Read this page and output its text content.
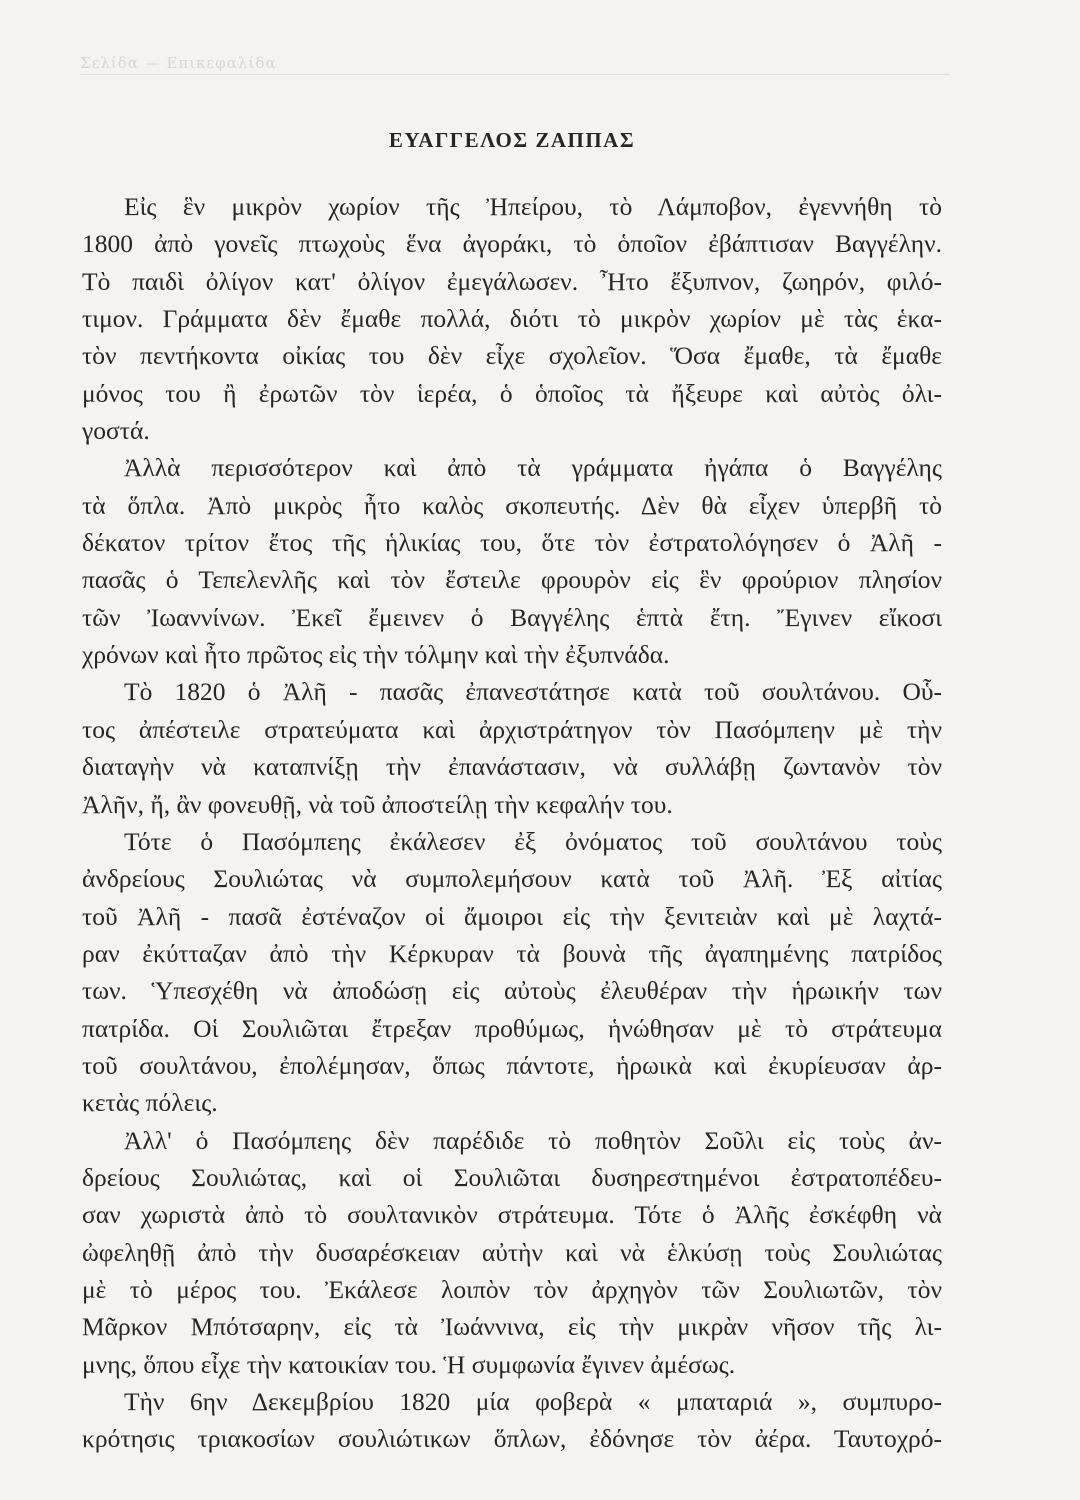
Σελίδα — Επικεφαλίδα
ΕΥΑΓΓΕΛΟΣ ΖΑΠΠΑΣ
Εἰς ἓν μικρὸν χωρίον τῆς Ἠπείρου, τὸ Λάμποβον, ἐγεννήθη τὸ
1800 ἀπὸ γονεῖς πτωχοὺς ἕνα ἀγοράκι, τὸ ὁποῖον ἐβάπτισαν Βαγγέλην.
Τὸ παιδὶ ὀλίγον κατ' ὀλίγον ἐμεγάλωσεν. Ἦτο ἔξυπνον, ζωηρόν, φιλό-
τιμον. Γράμματα δὲν ἔμαθε πολλά, διότι τὸ μικρὸν χωρίον μὲ τὰς ἑκα-
τὸν πεντήκοντα οἰκίας του δὲν εἶχε σχολεῖον. Ὅσα ἔμαθε, τὰ ἔμαθε
μόνος του ἢ ἐρωτῶν τὸν ἱερέα, ὁ ὁποῖος τὰ ἤξευρε καὶ αὐτὸς ὀλι-
γοστά.
Ἀλλὰ περισσότερον καὶ ἀπὸ τὰ γράμματα ἠγάπα ὁ Βαγγέλης
τὰ ὅπλα. Ἀπὸ μικρὸς ἦτο καλὸς σκοπευτής. Δὲν θὰ εἶχεν ὑπερβῆ τὸ
δέκατον τρίτον ἔτος τῆς ἡλικίας του, ὅτε τὸν ἐστρατολόγησεν ὁ Ἀλῆ -
πασᾶς ὁ Τεπελενλῆς καὶ τὸν ἔστειλε φρουρὸν εἰς ἓν φρούριον πλησίον
τῶν Ἰωαννίνων. Ἐκεῖ ἔμεινεν ὁ Βαγγέλης ἑπτὰ ἔτη. Ἔγινεν εἴκοσι
χρόνων καὶ ἦτο πρῶτος εἰς τὴν τόλμην καὶ τὴν ἐξυπνάδα.
Τὸ 1820 ὁ Ἀλῆ - πασᾶς ἐπανεστάτησε κατὰ τοῦ σουλτάνου. Οὗ-
τος ἀπέστειλε στρατεύματα καὶ ἀρχιστράτηγον τὸν Πασόμπεην μὲ τὴν
διαταγὴν νὰ καταπνίξῃ τὴν ἐπανάστασιν, νὰ συλλάβῃ ζωντανὸν τὸν
Ἀλῆν, ἤ, ἂν φονευθῇ, νὰ τοῦ ἀποστείλῃ τὴν κεφαλήν του.
Τότε ὁ Πασόμπεης ἐκάλεσεν ἐξ ὀνόματος τοῦ σουλτάνου τοὺς
ἀνδρείους Σουλιώτας νὰ συμπολεμήσουν κατὰ τοῦ Ἀλῆ. Ἐξ αἰτίας
τοῦ Ἀλῆ - πασᾶ ἐστέναζον οἱ ἄμοιροι εἰς τὴν ξενιτειὰν καὶ μὲ λαχτά-
ραν ἐκύτταζαν ἀπὸ τὴν Κέρκυραν τὰ βουνὰ τῆς ἀγαπημένης πατρίδος
των. Ὑπεσχέθη νὰ ἀποδώσῃ εἰς αὐτοὺς ἐλευθέραν τὴν ἡρωικήν των
πατρίδα. Οἱ Σουλιῶται ἔτρεξαν προθύμως, ἡνώθησαν μὲ τὸ στράτευμα
τοῦ σουλτάνου, ἐπολέμησαν, ὅπως πάντοτε, ἡρωικὰ καὶ ἐκυρίευσαν ἀρ-
κετὰς πόλεις.
Ἀλλ' ὁ Πασόμπεης δὲν παρέδιδε τὸ ποθητὸν Σοῦλι εἰς τοὺς ἀν-
δρείους Σουλιώτας, καὶ οἱ Σουλιῶται δυσηρεστημένοι ἐστρατοπέδευ-
σαν χωριστὰ ἀπὸ τὸ σουλτανικὸν στράτευμα. Τότε ὁ Ἀλῆς ἐσκέφθη νὰ
ὠφεληθῇ ἀπὸ τὴν δυσαρέσκειαν αὐτὴν καὶ νὰ ἑλκύσῃ τοὺς Σουλιώτας
μὲ τὸ μέρος του. Ἐκάλεσε λοιπὸν τὸν ἀρχηγὸν τῶν Σουλιωτῶν, τὸν
Μᾶρκον Μπότσαρην, εἰς τὰ Ἰωάννινα, εἰς τὴν μικρὰν νῆσον τῆς λι-
μνης, ὅπου εἶχε τὴν κατοικίαν του. Ἡ συμφωνία ἔγινεν ἀμέσως.
Τὴν 6ην Δεκεμβρίου 1820 μία φοβερὰ « μπαταριά », συμπυρο-
κρότησις τριακοσίων σουλιώτικων ὅπλων, ἐδόνησε τὸν ἀέρα. Ταυτοχρό-
